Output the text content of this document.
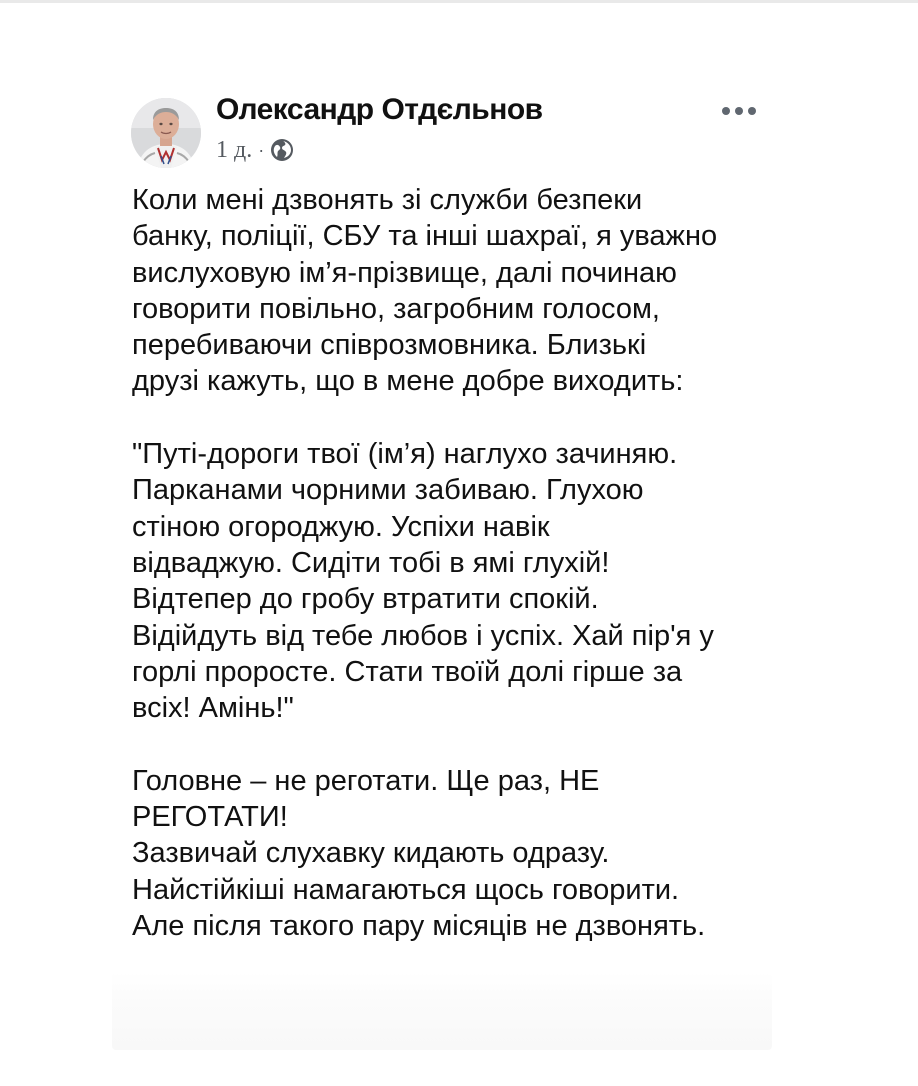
Олександр Отдєльнов
1 д. ·
Коли мені дзвонять зі служби безпеки
банку, поліції, СБУ та інші шахраї, я уважно
вислуховую ім’я-прізвище, далі починаю
говорити повільно, загробним голосом,
перебиваючи співрозмовника. Близькі
друзі кажуть, що в мене добре виходить:
"Путі-дороги твої (ім’я) наглухо зачиняю.
Парканами чорними забиваю. Глухою
стіною огороджую. Успіхи навік
відваджую. Сидіти тобі в ямі глухій!
Відтепер до гробу втратити спокій.
Відійдуть від тебе любов і успіх. Хай пір'я у
горлі проросте. Стати твоїй долі гірше за
всіх! Амінь!"
Головне – не реготати. Ще раз, НЕ
РЕГОТАТИ!
Зазвичай слухавку кидають одразу.
Найстійкіші намагаються щось говорити.
Але після такого пару місяців не дзвонять.
